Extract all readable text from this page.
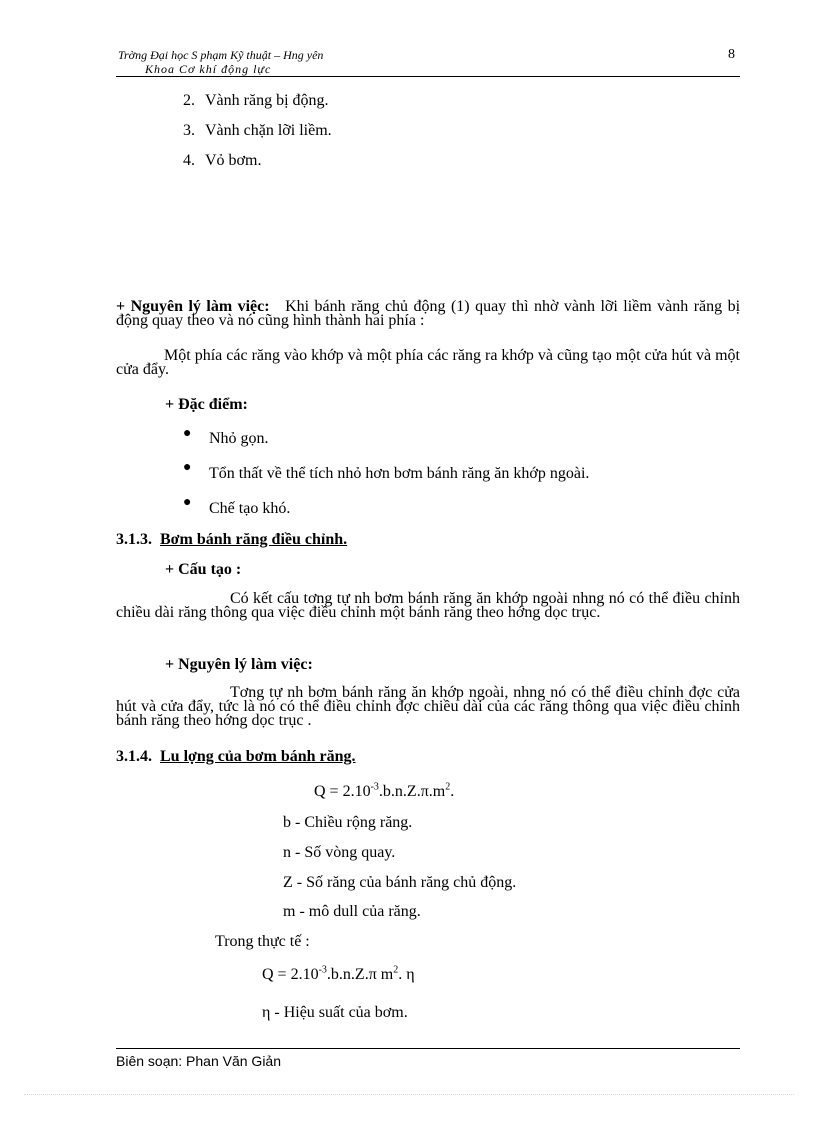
Trờng Đại học S phạm Kỹ thuật – Hng yên
Khoa Cơ khí động lực
8
2. Vành răng bị động.
3. Vành chặn lỡi liềm.
4. Vỏ bơm.
+ Nguyên lý làm việc: Khi bánh răng chủ động (1) quay thì nhờ vành lỡi liềm vành răng bị động quay theo và nó cũng hình thành hai phía :
Một phía các răng vào khớp và một phía các răng ra khớp và cũng tạo một cửa hút và một cửa đẩy.
+ Đặc điểm:
● Nhỏ gọn.
● Tổn thất về thể tích nhỏ hơn bơm bánh răng ăn khớp ngoài.
● Chế tạo khó.
3.1.3. Bơm bánh răng điều chỉnh.
+ Cấu tạo :
Có kết cấu tơng tự nh bơm bánh răng ăn khớp ngoài nhng nó có thể điều chỉnh chiều dài răng thông qua việc điều chỉnh một bánh răng theo hớng dọc trục.
+ Nguyên lý làm việc:
Tơng tự nh bơm bánh răng ăn khớp ngoài, nhng nó có thể điều chỉnh đợc cửa hút và cửa đẩy, tức là nó có thể điều chỉnh đợc chiều dài của các răng thông qua việc điều chỉnh bánh răng theo hớng dọc trục .
3.1.4. Lu lợng của bơm bánh răng.
$Q = 2.10^{-3}.b.n.Z.\pi.m^2$.
b - Chiều rộng răng.
n - Số vòng quay.
Z - Số răng của bánh răng chủ động.
m - mô dull của răng.
Trong thực tế :
$Q = 2.10^{-3}.b.n.Z.\pi$ $m^2$. η
η - Hiệu suất của bơm.
Biên soạn: Phan Văn Giản
